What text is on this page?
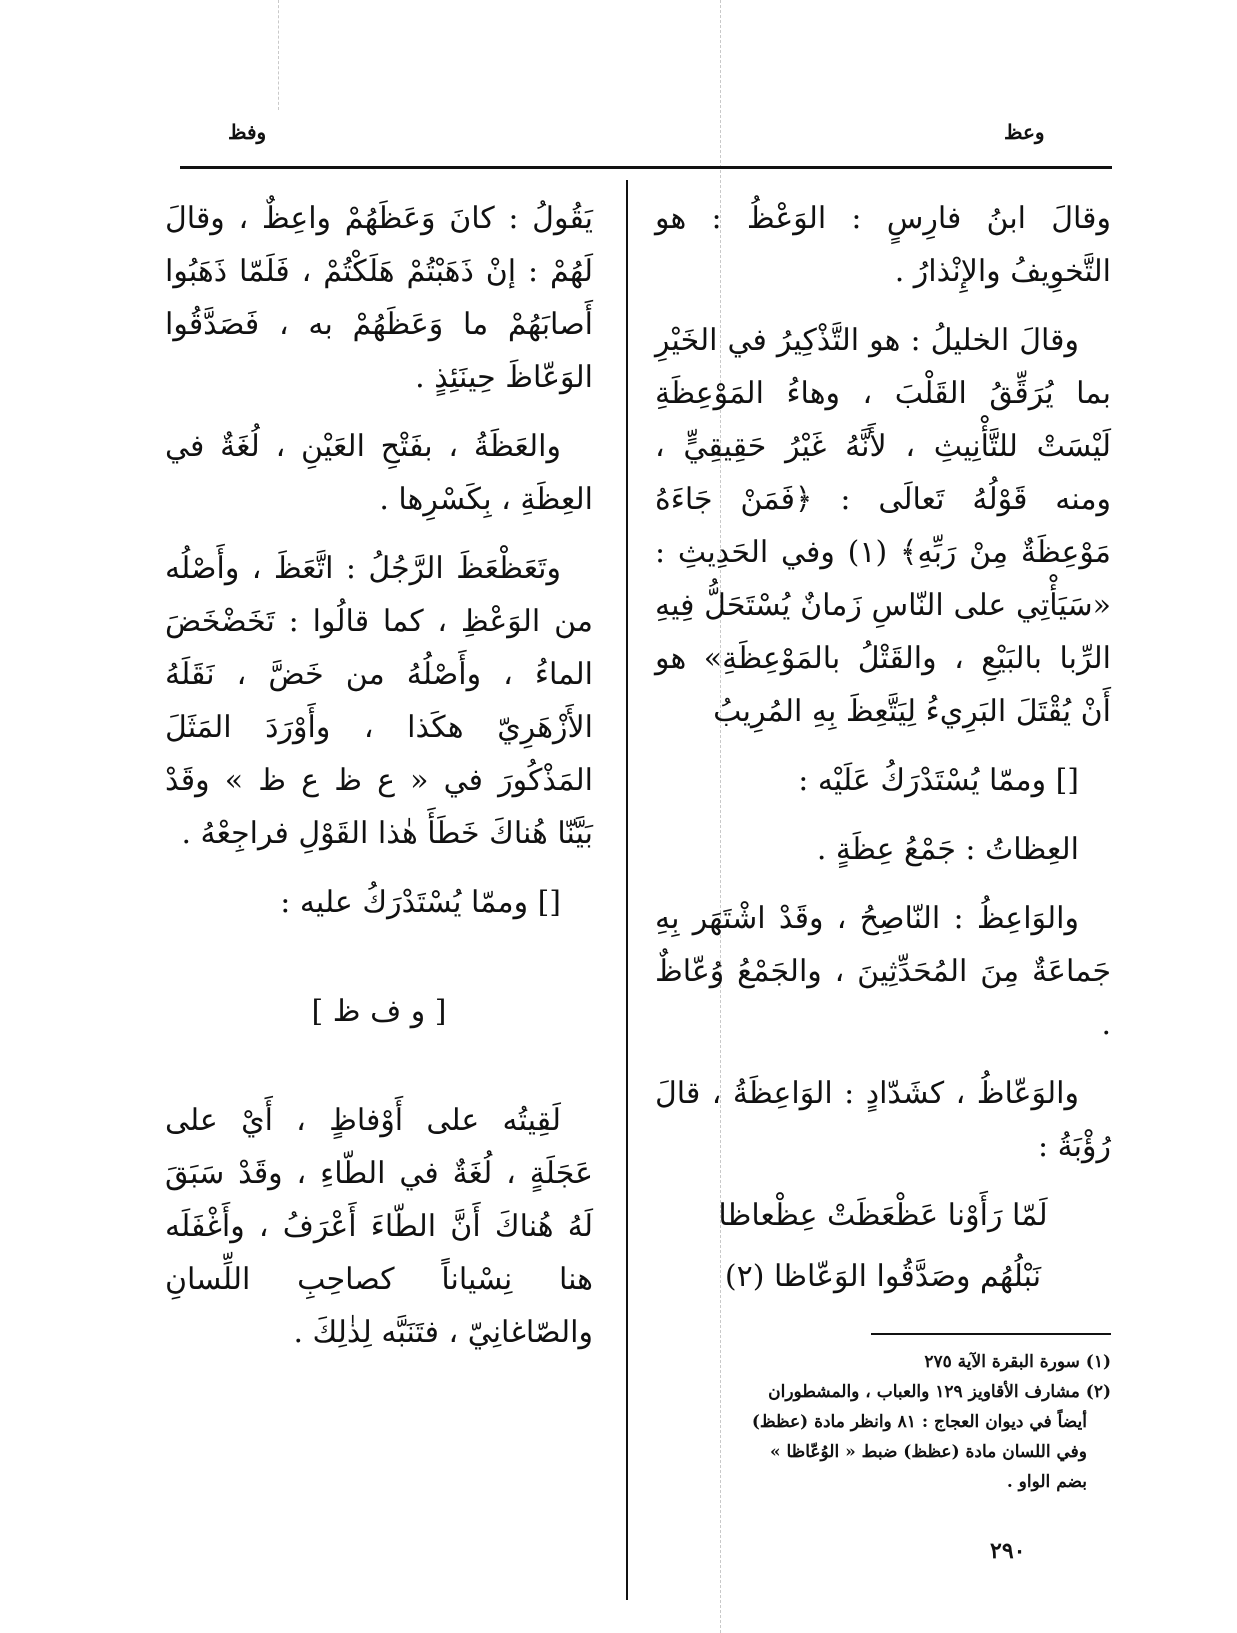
وعظ
وفظ

وقالَ ابنُ فارِسٍ : الوَعْظُ : هو التَّخوِيفُ والإِنْذارُ .

وقالَ الخليلُ : هو التَّذْكِيرُ في الخَيْرِ بما يُرَقِّقُ القَلْبَ ، وهاءُ المَوْعِظَةِ لَيْسَتْ للتَّأْنِيثِ ، لأَنَّهُ غَيْرُ حَقِيقِيٍّ ، ومنه قَوْلُهُ تَعالَى : ﴿فَمَنْ جَاءَهُ مَوْعِظَةٌ مِنْ رَبِّهِ﴾ (١) وفي الحَدِيثِ : «سَيَأْتِي على النّاسِ زَمانٌ يُسْتَحَلُّ فِيهِ الرِّبا بالبَيْعِ ، والقَتْلُ بالمَوْعِظَةِ» هو أَنْ يُقْتَلَ البَرِيءُ لِيَتَّعِظَ بِهِ المُرِيبُ

[] وممّا يُسْتَدْرَكُ عَلَيْه :

العِظاتُ : جَمْعُ عِظَةٍ .

والوَاعِظُ : النّاصِحُ ، وقَدْ اشْتَهَر بِهِ جَماعَةٌ مِنَ المُحَدِّثِينَ ، والجَمْعُ وُعّاظٌ .

والوَعّاظُ ، كشَدّادٍ : الوَاعِظَةُ ، قالَ رُؤْبَةُ :

لَمّا رَأَوْنا عَظْعَظَتْ عِظْعاظا

نَبْلُهُم وصَدَّقُوا الوَعّاظا (٢)

(١) سورة البقرة الآية ٢٧٥

(٢) مشارف الأقاويز ١٢٩ والعباب ، والمشطوران

أيضاً في ديوان العجاج : ٨١ وانظر مادة (عظظ)

وفي اللسان مادة (عظظ) ضبط « الوُعّاظا »

بضم الواو .

يَقُولُ : كانَ وَعَظَهُمْ واعِظٌ ، وقالَ لَهُمْ : إنْ ذَهَبْتُمْ هَلَكْتُمْ ، فَلَمّا ذَهَبُوا أَصابَهُمْ ما وَعَظَهُمْ به ، فَصَدَّقُوا الوَعّاظَ حِينَئِذٍ .

والعَظَةُ ، بفَتْحِ العَيْنِ ، لُغَةٌ في العِظَةِ ، بِكَسْرِها .

وتَعَظْعَظَ الرَّجُلُ : اتَّعَظَ ، وأَصْلُه من الوَعْظِ ، كما قالُوا : تَخَضْخَضَ الماءُ ، وأَصْلُهُ من خَضَّ ، نَقَلَهُ الأَزْهَرِيّ هكَذا ، وأَوْرَدَ المَثَلَ المَذْكُورَ في « ع ظ ع ظ » وقَدْ بَيَّنّا هُناكَ خَطَأَ هٰذا القَوْلِ فراجِعْهُ .

[] وممّا يُسْتَدْرَكُ عليه :

[ و ف ظ ]

لَقِيتُه على أَوْفاظٍ ، أَيْ على عَجَلَةٍ ، لُغَةٌ في الطّاءِ ، وقَدْ سَبَقَ لَهُ هُناكَ أَنَّ الطّاءَ أَعْرَفُ ، وأَغْفَلَه هنا نِسْياناً كصاحِبِ اللِّسانِ والصّاغانِيّ ، فتَنَبَّه لِذٰلِكَ .

٢٩٠
